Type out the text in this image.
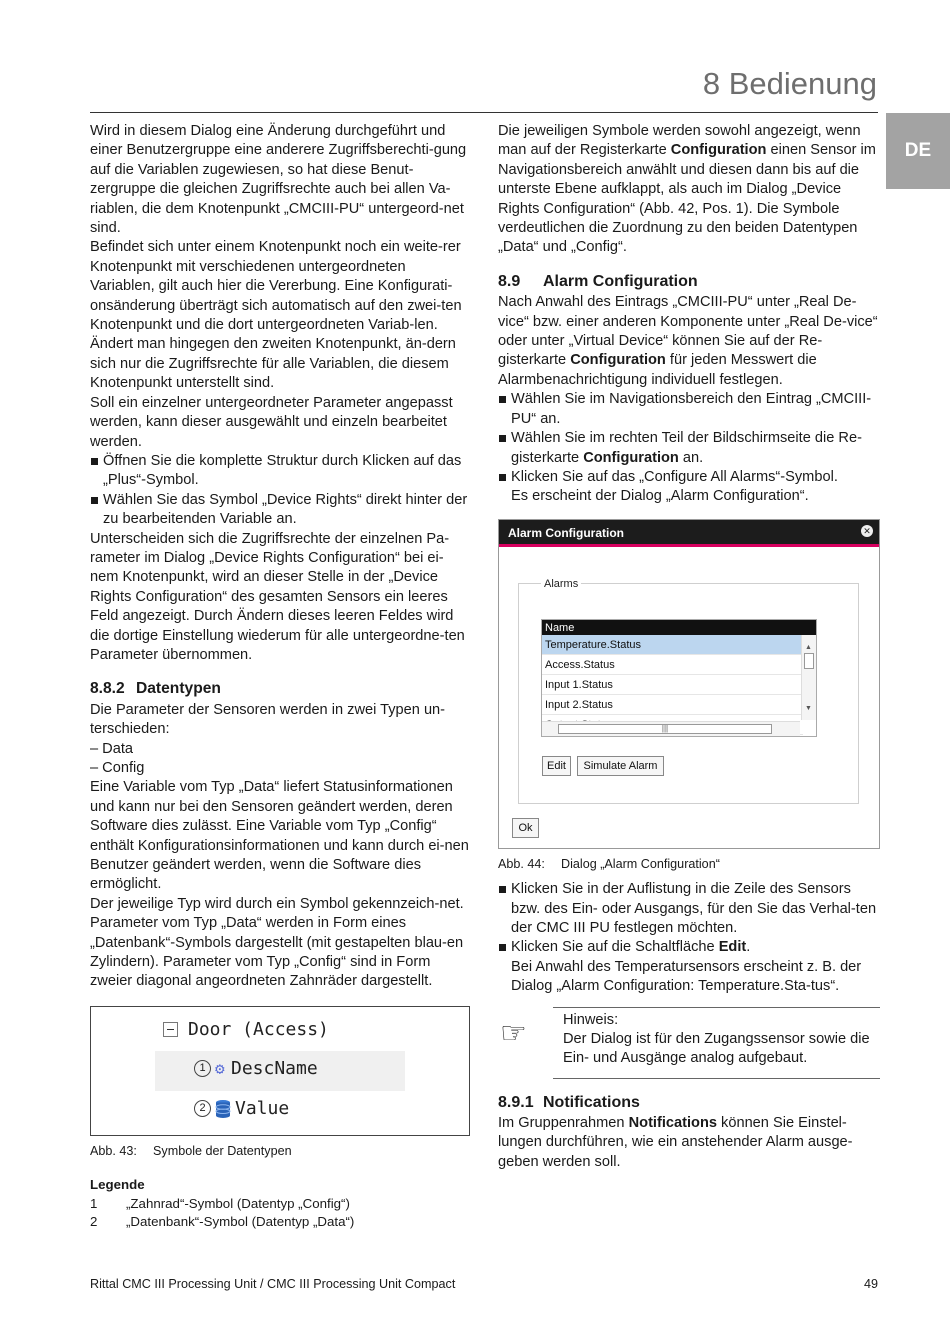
8 Bedienung
DE

Wird in diesem Dialog eine Änderung durchgeführt und einer Benutzergruppe eine anderere Zugriffsberechti-gung auf die Variablen zugewiesen, so hat diese Benut-zergruppe die gleichen Zugriffsrechte auch bei allen Va-riablen, die dem Knotenpunkt „CMCIII-PU“ untergeord-net sind.

Befindet sich unter einem Knotenpunkt noch ein weite-rer Knotenpunkt mit verschiedenen untergeordneten Variablen, gilt auch hier die Vererbung. Eine Konfigurati-onsänderung überträgt sich automatisch auf den zwei-ten Knotenpunkt und die dort untergeordneten Variab-len. Ändert man hingegen den zweiten Knotenpunkt, än-dern sich nur die Zugriffsrechte für alle Variablen, die diesem Knotenpunkt unterstellt sind.

Soll ein einzelner untergeordneter Parameter angepasst werden, kann dieser ausgewählt und einzeln bearbeitet werden.

Öffnen Sie die komplette Struktur durch Klicken auf das „Plus“-Symbol.

Wählen Sie das Symbol „Device Rights“ direkt hinter der zu bearbeitenden Variable an.

Unterscheiden sich die Zugriffsrechte der einzelnen Pa-rameter im Dialog „Device Rights Configuration“ bei ei-nem Knotenpunkt, wird an dieser Stelle in der „Device Rights Configuration“ des gesamten Sensors ein leeres Feld angezeigt. Durch Ändern dieses leeren Feldes wird die dortige Einstellung wiederum für alle untergeordne-ten Parameter übernommen.

8.8.2 Datentypen

Die Parameter der Sensoren werden in zwei Typen un-terschieden:

– Data

– Config

Eine Variable vom Typ „Data“ liefert Statusinformationen und kann nur bei den Sensoren geändert werden, deren Software dies zulässt. Eine Variable vom Typ „Config“ enthält Konfigurationsinformationen und kann durch ei-nen Benutzer geändert werden, wenn die Software dies ermöglicht.

Der jeweilige Typ wird durch ein Symbol gekennzeich-net. Parameter vom Typ „Data“ werden in Form eines „Datenbank“-Symbols dargestellt (mit gestapelten blau-en Zylindern). Parameter vom Typ „Config“ sind in Form zweier diagonal angeordneten Zahnräder dargestellt.

Door (Access)
1 ⚙ DescName
2 Value

Abb. 43: Symbole der Datentypen

Legende

1 „Zahnrad“-Symbol (Datentyp „Config“)

2 „Datenbank“-Symbol (Datentyp „Data“)

Die jeweiligen Symbole werden sowohl angezeigt, wenn man auf der Registerkarte Configuration einen Sensor im Navigationsbereich anwählt und diesen dann bis auf die unterste Ebene aufklappt, als auch im Dialog „Device Rights Configuration“ (Abb. 42, Pos. 1). Die Symbole verdeutlichen die Zuordnung zu den beiden Datentypen „Data“ und „Config“.

8.9 Alarm Configuration

Nach Anwahl des Eintrags „CMCIII-PU“ unter „Real De-vice“ bzw. einer anderen Komponente unter „Real De-vice“ oder unter „Virtual Device“ können Sie auf der Re-gisterkarte Configuration für jeden Messwert die Alarmbenachrichtigung individuell festlegen.

Wählen Sie im Navigationsbereich den Eintrag „CMCIII-PU“ an.

Wählen Sie im rechten Teil der Bildschirmseite die Re-gisterkarte Configuration an.

Klicken Sie auf das „Configure All Alarms“-Symbol.
Es erscheint der Dialog „Alarm Configuration“.

Alarm Configuration	✕
Alarms
Name
Temperature.Status
Access.Status
Input 1.Status
Input 2.Status
▲
▼
|||
Edit	Simulate Alarm
Ok

Abb. 44: Dialog „Alarm Configuration“

Klicken Sie in der Auflistung in die Zeile des Sensors bzw. des Ein- oder Ausgangs, für den Sie das Verhal-ten der CMC III PU festlegen möchten.

Klicken Sie auf die Schaltfläche Edit.
Bei Anwahl des Temperatursensors erscheint z. B. der Dialog „Alarm Configuration: Temperature.Sta-tus“.

☞ Hinweis:
Der Dialog ist für den Zugangssensor sowie die Ein- und Ausgänge analog aufgebaut.

8.9.1 Notifications

Im Gruppenrahmen Notifications können Sie Einstel-lungen durchführen, wie ein anstehender Alarm ausge-geben werden soll.

Rittal CMC III Processing Unit / CMC III Processing Unit Compact	49
